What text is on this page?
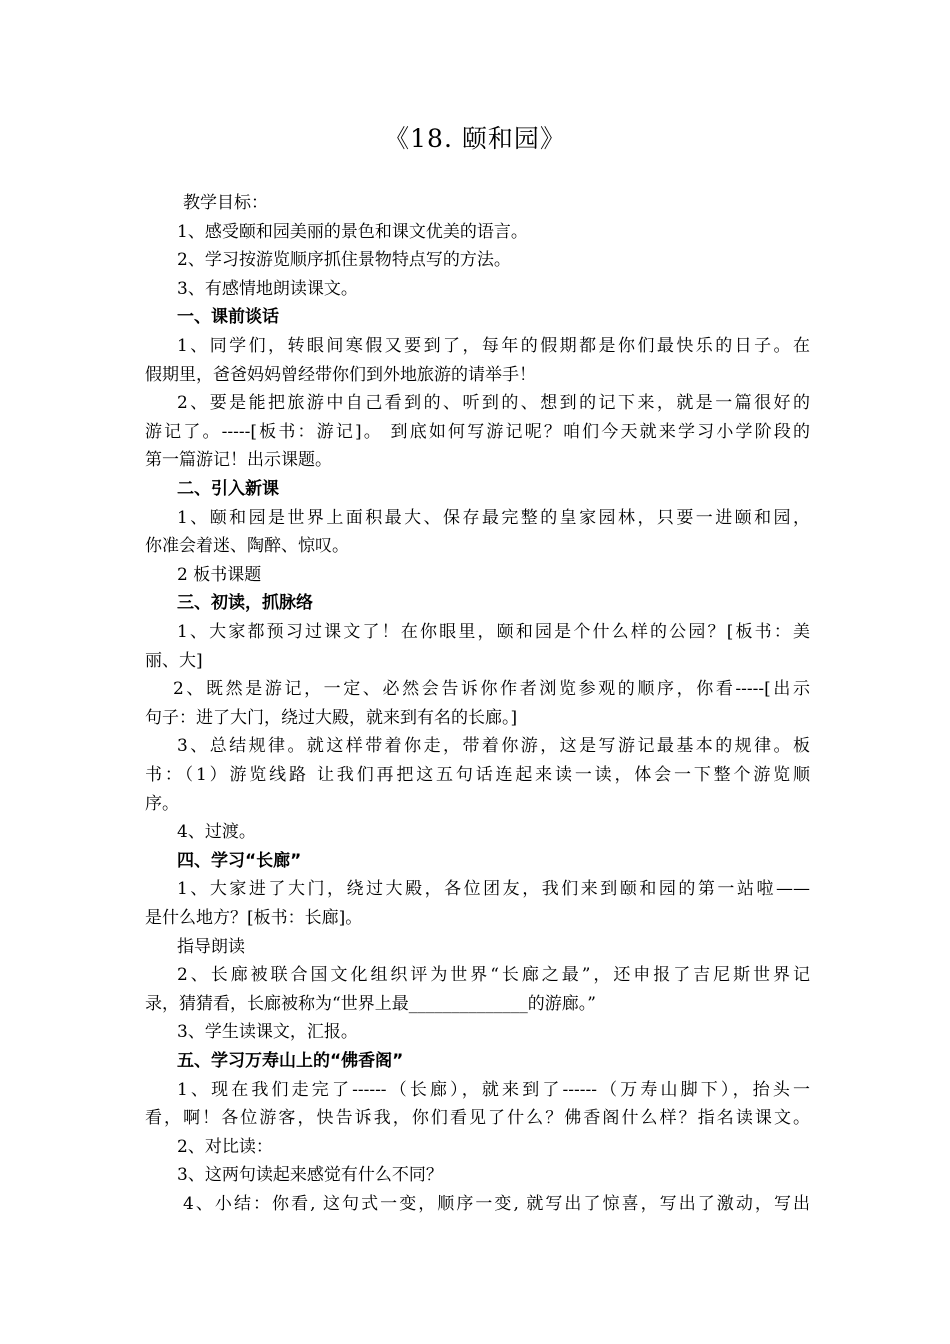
《18. 颐和园》
教学目标：
1、感受颐和园美丽的景色和课文优美的语言。
2、学习按游览顺序抓住景物特点写的方法。
3、有感情地朗读课文。
一、课前谈话
1、同学们，转眼间寒假又要到了，每年的假期都是你们最快乐的日子。在
假期里，爸爸妈妈曾经带你们到外地旅游的请举手！
2、要是能把旅游中自己看到的、听到的、想到的记下来，就是一篇很好的
游记了。-----[板书：游记]。 到底如何写游记呢？咱们今天就来学习小学阶段的
第一篇游记！出示课题。
二、引入新课
1、颐和园是世界上面积最大、保存最完整的皇家园林，只要一进颐和园，
你准会着迷、陶醉、惊叹。
2 板书课题
三、初读，抓脉络
1、大家都预习过课文了！在你眼里，颐和园是个什么样的公园？[板书：美
丽、大]
2、既然是游记，一定、必然会告诉你作者浏览参观的顺序，你看-----[出示
句子：进了大门，绕过大殿，就来到有名的长廊。]
3、总结规律。就这样带着你走，带着你游，这是写游记最基本的规律。板
书：（1）游览线路 让我们再把这五句话连起来读一读，体会一下整个游览顺
序。
4、过渡。
四、学习“长廊”
1、大家进了大门，绕过大殿，各位团友，我们来到颐和园的第一站啦——
是什么地方？[板书：长廊]。
指导朗读
2、长廊被联合国文化组织评为世界“长廊之最”，还申报了吉尼斯世界记
录，猜猜看，长廊被称为“世界上最______________的游廊。”
3、学生读课文，汇报。
五、学习万寿山上的“佛香阁”
1、现在我们走完了------（长廊），就来到了------（万寿山脚下），抬头一
看，啊！各位游客，快告诉我，你们看见了什么？佛香阁什么样？指名读课文。
2、对比读：
3、这两句读起来感觉有什么不同？
4、小结：你看, 这句式一变，顺序一变, 就写出了惊喜，写出了激动，写出
